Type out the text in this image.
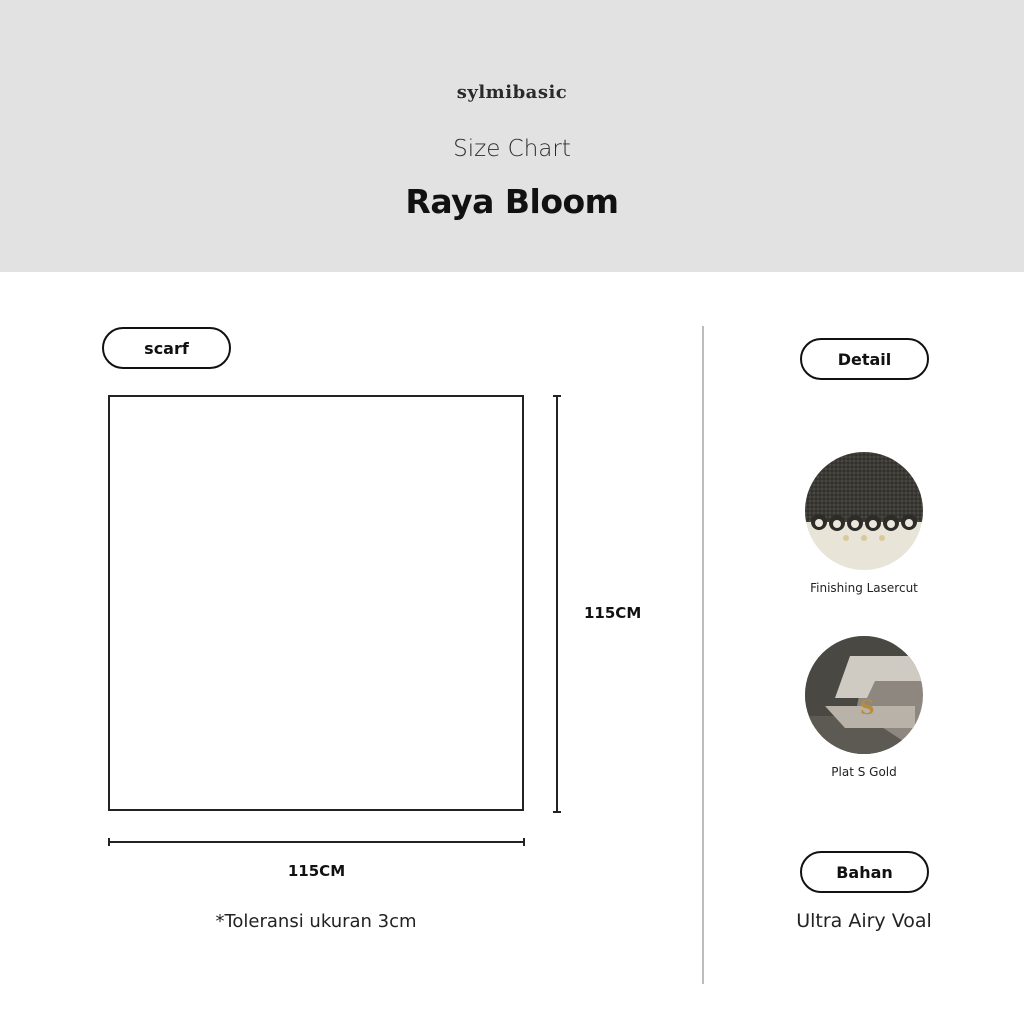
sylmibasic
Size Chart
Raya Bloom
scarf
115CM
115CM
*Toleransi ukuran 3cm
Detail
Finishing Lasercut
S
Plat S Gold
Bahan
Ultra Airy Voal
